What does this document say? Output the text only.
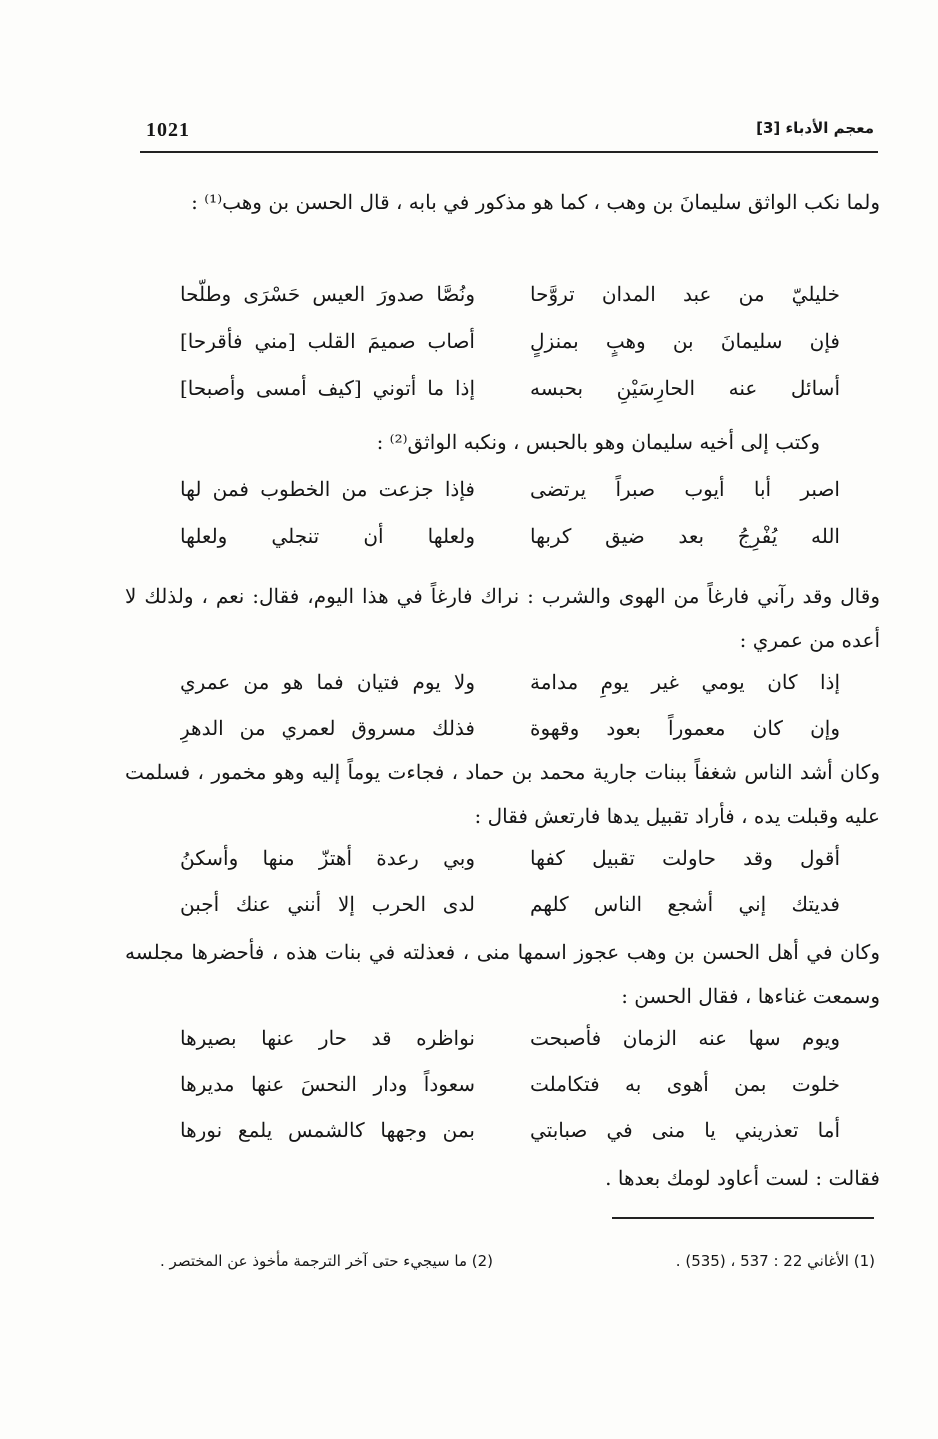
1021	معجم الأدباء [3]
ولما نكب الواثق سليمانَ بن وهب ، كما هو مذكور في بابه ، قال الحسن بن وهب⁽¹⁾ :
خليليّ من عبد المدان تروَّحا
ونُصَّا صدورَ العيس حَسْرَى وطلّحا
فإن سليمانَ بن وهبٍ بمنزلٍ
أصاب صميمَ القلب [مني فأقرحا]
أسائل عنه الحارِسَيْنِ بحبسه
إذا ما أتوني [كيف أمسى وأصبحا]
وكتب إلى أخيه سليمان وهو بالحبس ، ونكبه الواثق⁽²⁾ :
اصبر أبا أيوب صبراً يرتضى
فإذا جزعت من الخطوب فمن لها
الله يُفْرِجُ بعد ضيق كربها
ولعلها أن تنجلي ولعلها
وقال وقد رآني فارغاً من الهوى والشرب : نراك فارغاً في هذا اليوم، فقال: نعم ، ولذلك لا أعده من عمري :
إذا كان يومي غير يومِ مدامة
ولا يوم فتيان فما هو من عمري
وإن كان معموراً بعود وقهوة
فذلك مسروق لعمري من الدهرِ
وكان أشد الناس شغفاً ببنات جارية محمد بن حماد ، فجاءت يوماً إليه وهو مخمور ، فسلمت عليه وقبلت يده ، فأراد تقبيل يدها فارتعش فقال :
أقول وقد حاولت تقبيل كفها
وبي رعدة أهتزّ منها وأسكنُ
فديتك إني أشجع الناس كلهم
لدى الحرب إلا أنني عنك أجبن
وكان في أهل الحسن بن وهب عجوز اسمها منى ، فعذلته في بنات هذه ، فأحضرها مجلسه وسمعت غناءها ، فقال الحسن :
ويوم سها عنه الزمان فأصبحت
نواظره قد حار عنها بصيرها
خلوت بمن أهوى به فتكاملت
سعوداً ودار النحسَ عنها مديرها
أما تعذريني يا منى في صبابتي
بمن وجهها كالشمس يلمع نورها
فقالت : لست أعاود لومك بعدها .
(1) الأغاني 22 : 537 ، (535) .
(2) ما سيجيء حتى آخر الترجمة مأخوذ عن المختصر .
